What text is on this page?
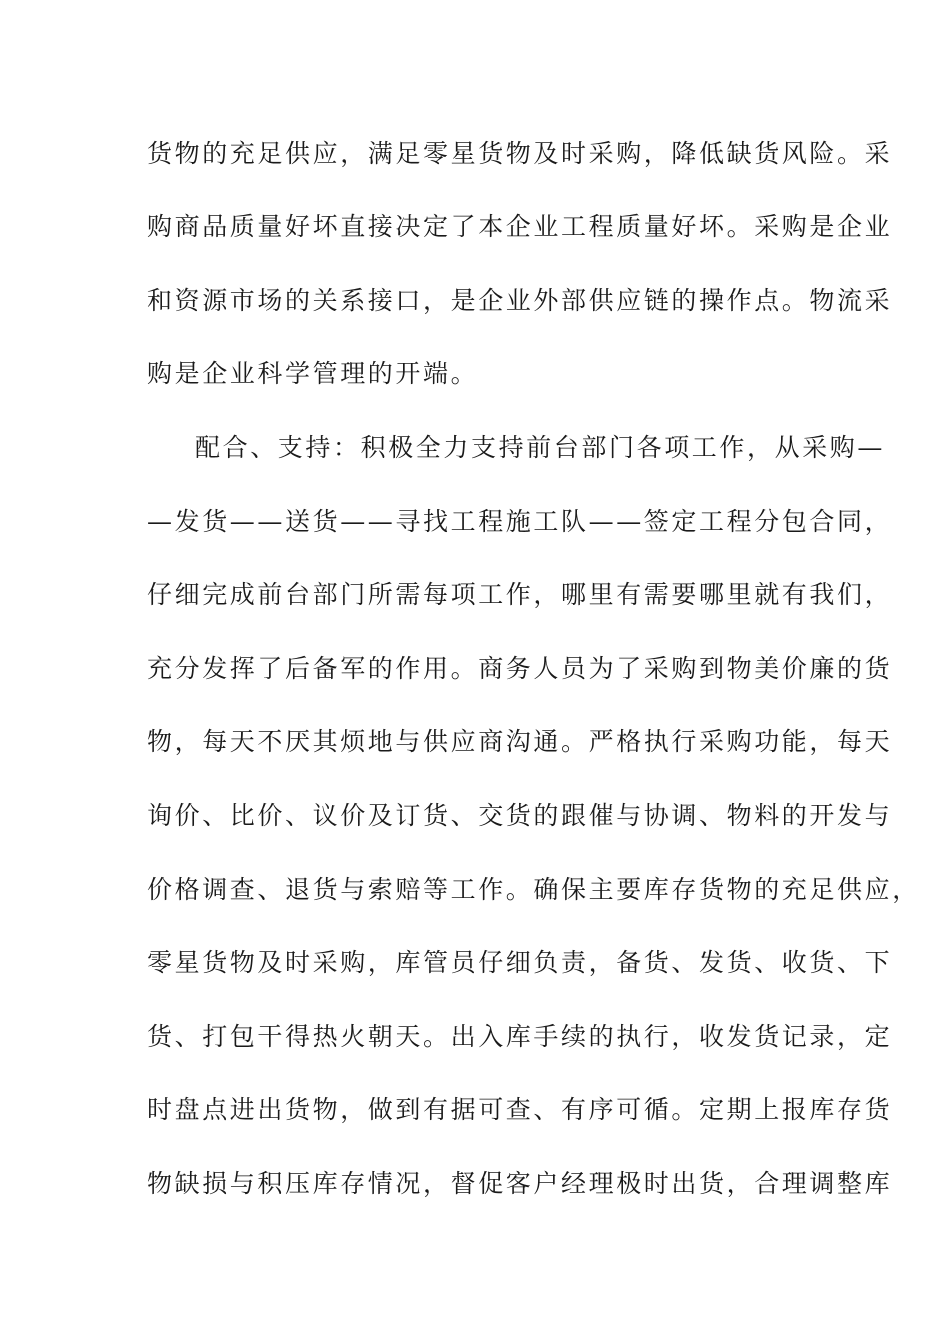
货物的充足供应，满足零星货物及时采购，降低缺货风险。采
购商品质量好坏直接决定了本企业工程质量好坏。采购是企业
和资源市场的关系接口，是企业外部供应链的操作点。物流采
购是企业科学管理的开端。
配合、支持：积极全力支持前台部门各项工作，从采购—
—发货——送货——寻找工程施工队——签定工程分包合同，
仔细完成前台部门所需每项工作，哪里有需要哪里就有我们，
充分发挥了后备军的作用。商务人员为了采购到物美价廉的货
物，每天不厌其烦地与供应商沟通。严格执行采购功能，每天
询价、比价、议价及订货、交货的跟催与协调、物料的开发与
价格调查、退货与索赔等工作。确保主要库存货物的充足供应，
零星货物及时采购，库管员仔细负责，备货、发货、收货、下
货、打包干得热火朝天。出入库手续的执行，收发货记录，定
时盘点进出货物，做到有据可查、有序可循。定期上报库存货
物缺损与积压库存情况，督促客户经理极时出货，合理调整库
